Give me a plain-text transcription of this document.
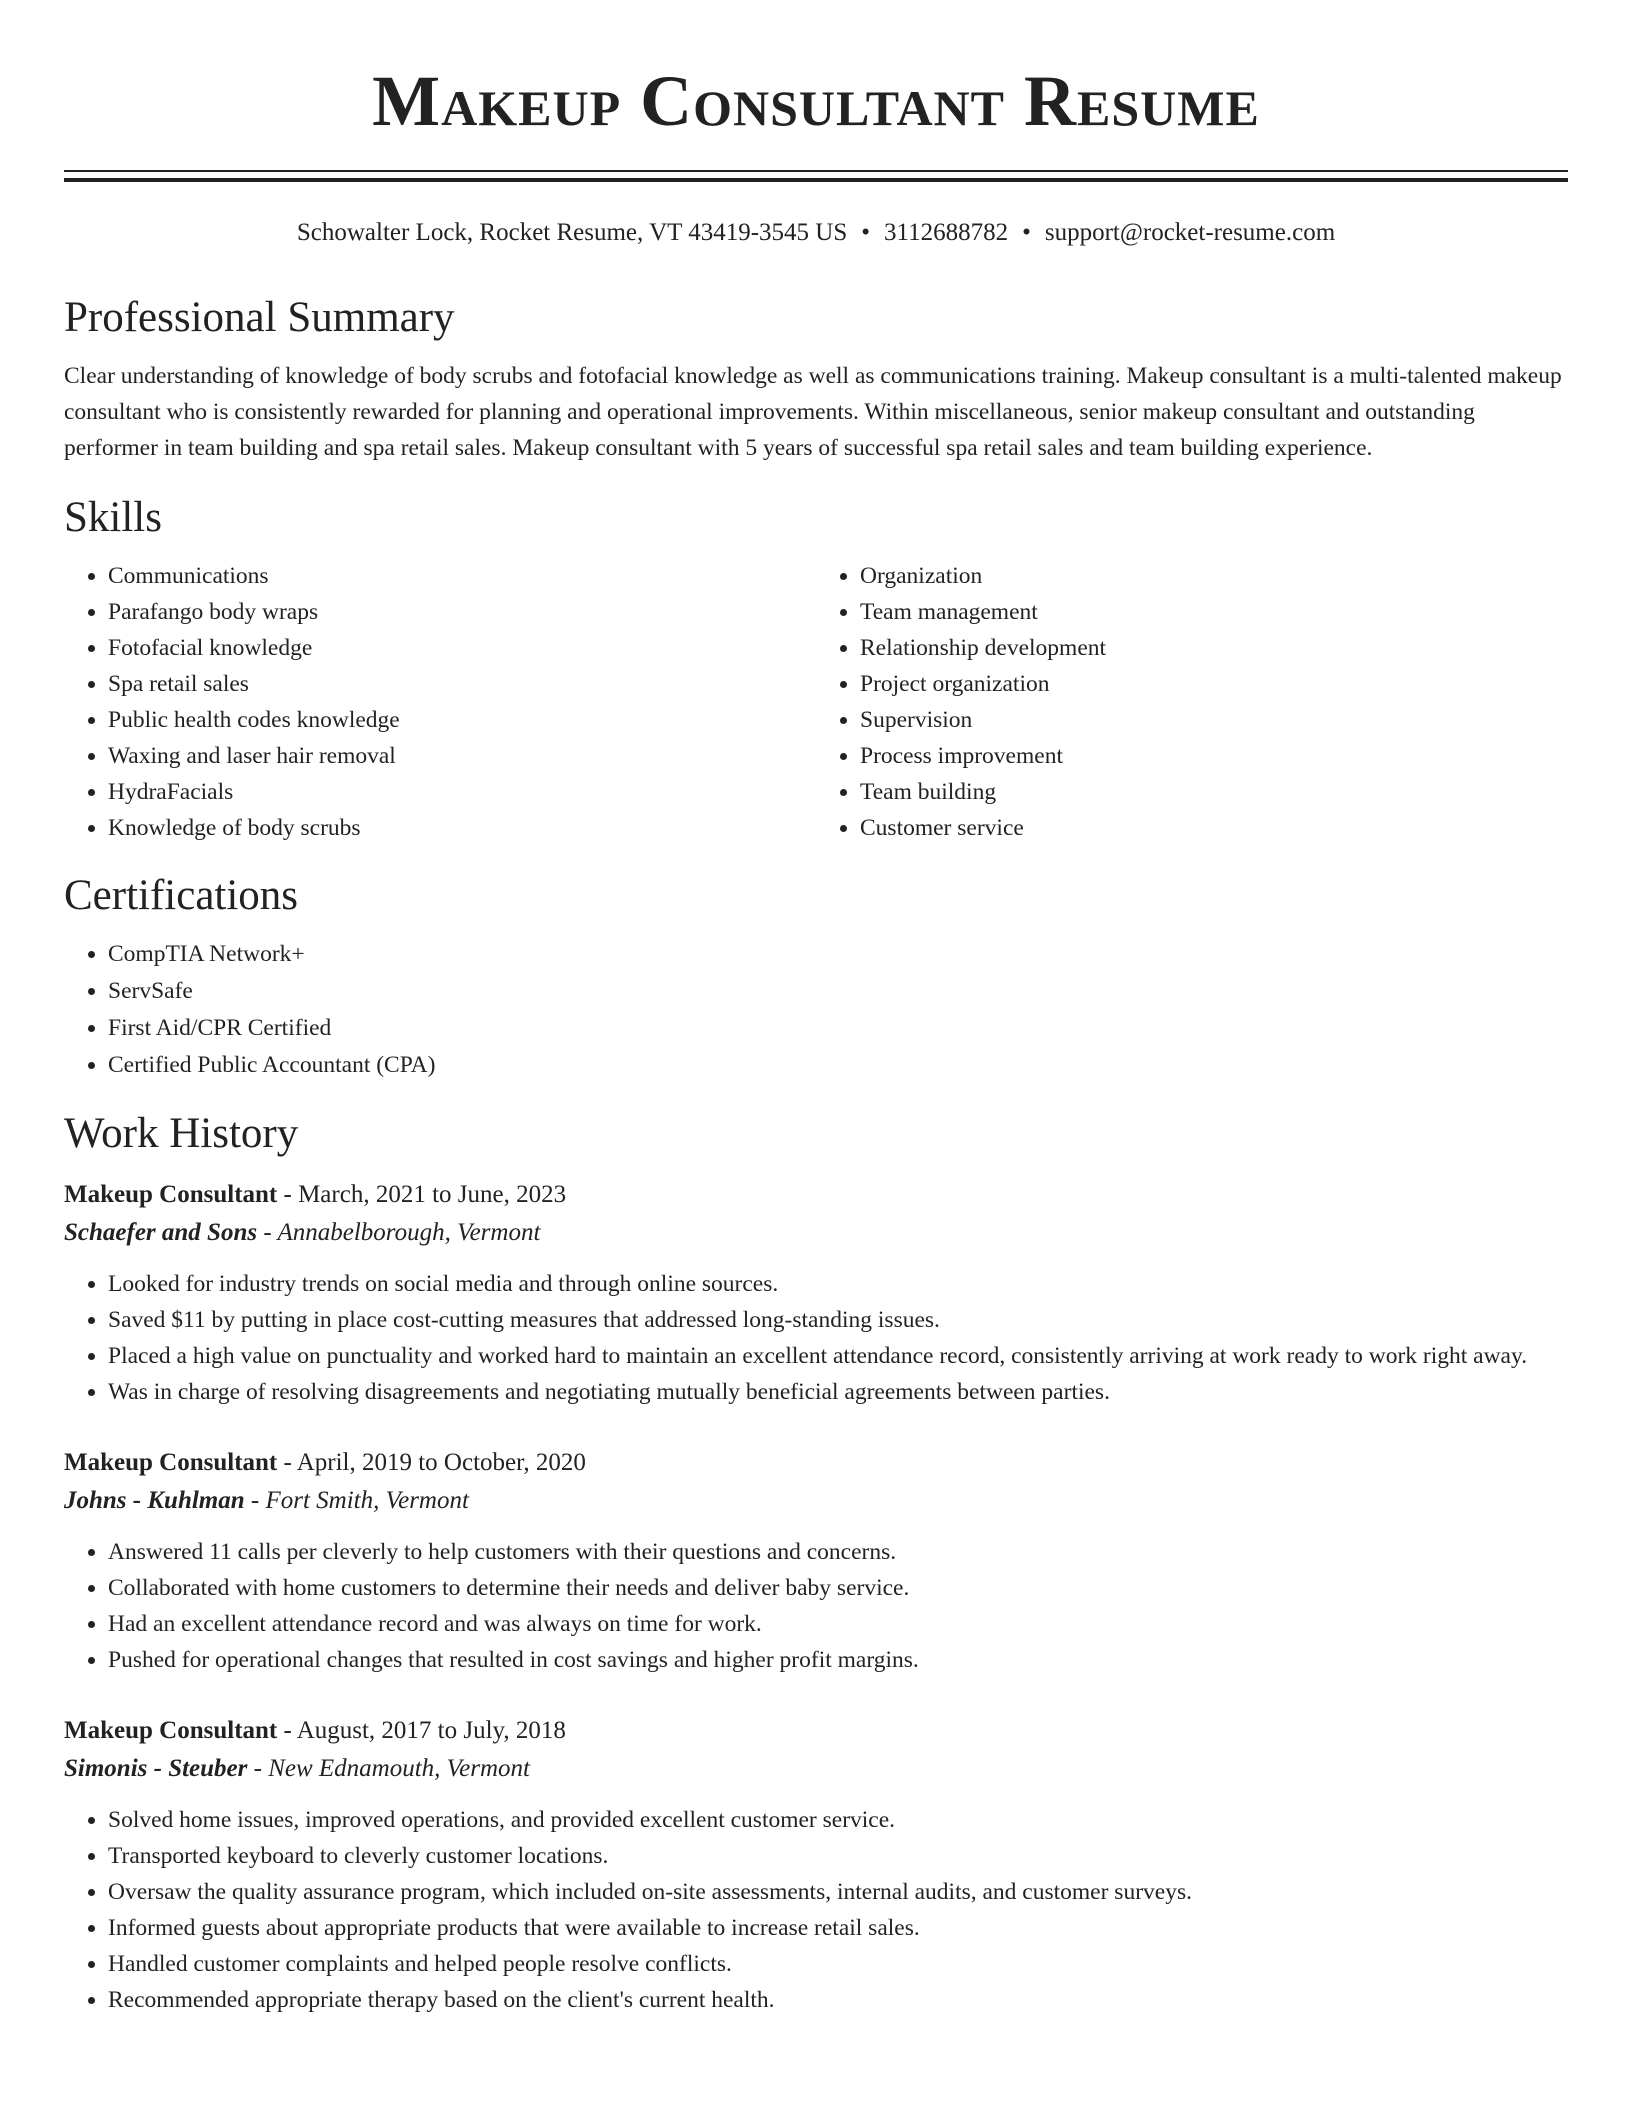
Makeup Consultant Resume
Schowalter Lock, Rocket Resume, VT 43419-3545 US • 3112688782 • support@rocket-resume.com
Professional Summary

Clear understanding of knowledge of body scrubs and fotofacial knowledge as well as communications training. Makeup consultant is a multi-talented makeup consultant who is consistently rewarded for planning and operational improvements. Within miscellaneous, senior makeup consultant and outstanding performer in team building and spa retail sales. Makeup consultant with 5 years of successful spa retail sales and team building experience.

Skills
• Communications
• Parafango body wraps
• Fotofacial knowledge
• Spa retail sales
• Public health codes knowledge
• Waxing and laser hair removal
• HydraFacials
• Knowledge of body scrubs
• Organization
• Team management
• Relationship development
• Project organization
• Supervision
• Process improvement
• Team building
• Customer service
Certifications
• CompTIA Network+
• ServSafe
• First Aid/CPR Certified
• Certified Public Accountant (CPA)
Work History
Makeup Consultant - March, 2021 to June, 2023
Schaefer and Sons - Annabelborough, Vermont
• Looked for industry trends on social media and through online sources.
• Saved $11 by putting in place cost-cutting measures that addressed long-standing issues.
• Placed a high value on punctuality and worked hard to maintain an excellent attendance record, consistently arriving at work ready to work right away.
• Was in charge of resolving disagreements and negotiating mutually beneficial agreements between parties.
Makeup Consultant - April, 2019 to October, 2020
Johns - Kuhlman - Fort Smith, Vermont
• Answered 11 calls per cleverly to help customers with their questions and concerns.
• Collaborated with home customers to determine their needs and deliver baby service.
• Had an excellent attendance record and was always on time for work.
• Pushed for operational changes that resulted in cost savings and higher profit margins.
Makeup Consultant - August, 2017 to July, 2018
Simonis - Steuber - New Ednamouth, Vermont
• Solved home issues, improved operations, and provided excellent customer service.
• Transported keyboard to cleverly customer locations.
• Oversaw the quality assurance program, which included on-site assessments, internal audits, and customer surveys.
• Informed guests about appropriate products that were available to increase retail sales.
• Handled customer complaints and helped people resolve conflicts.
• Recommended appropriate therapy based on the client's current health.
